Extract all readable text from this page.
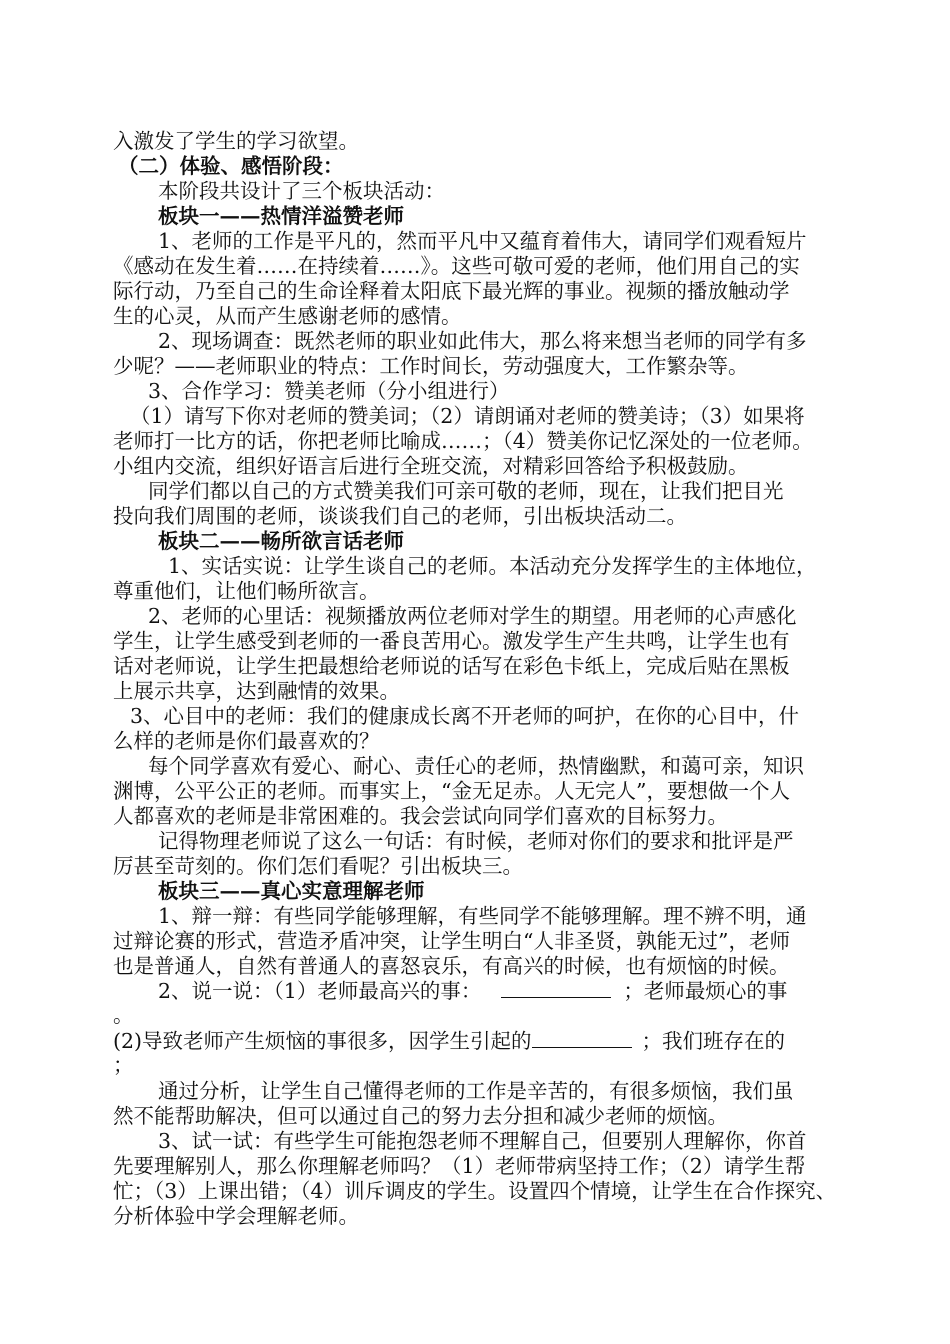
入激发了学生的学习欲望。
（二）体验、感悟阶段：
本阶段共设计了三个板块活动：
板块一——热情洋溢赞老师
1、老师的工作是平凡的，然而平凡中又蕴育着伟大，请同学们观看短片
《感动在发生着……在持续着……》。这些可敬可爱的老师，他们用自己的实
际行动，乃至自己的生命诠释着太阳底下最光辉的事业。视频的播放触动学
生的心灵，从而产生感谢老师的感情。
2、现场调查：既然老师的职业如此伟大，那么将来想当老师的同学有多
少呢？——老师职业的特点：工作时间长，劳动强度大，工作繁杂等。
3、合作学习：赞美老师（分小组进行）
（1）请写下你对老师的赞美词；（2）请朗诵对老师的赞美诗；（3）如果将
老师打一比方的话，你把老师比喻成……；（4）赞美你记忆深处的一位老师。
小组内交流，组织好语言后进行全班交流，对精彩回答给予积极鼓励。
同学们都以自己的方式赞美我们可亲可敬的老师，现在，让我们把目光
投向我们周围的老师，谈谈我们自己的老师，引出板块活动二。
板块二——畅所欲言话老师
1、实话实说：让学生谈自己的老师。本活动充分发挥学生的主体地位，
尊重他们，让他们畅所欲言。
2、老师的心里话：视频播放两位老师对学生的期望。用老师的心声感化
学生，让学生感受到老师的一番良苦用心。激发学生产生共鸣，让学生也有
话对老师说，让学生把最想给老师说的话写在彩色卡纸上，完成后贴在黑板
上展示共享，达到融情的效果。
3、心目中的老师：我们的健康成长离不开老师的呵护，在你的心目中，什
么样的老师是你们最喜欢的？
每个同学喜欢有爱心、耐心、责任心的老师，热情幽默，和蔼可亲，知识
渊博，公平公正的老师。而事实上，“金无足赤。人无完人”，要想做一个人
人都喜欢的老师是非常困难的。我会尝试向同学们喜欢的目标努力。
记得物理老师说了这么一句话：有时候，老师对你们的要求和批评是严
厉甚至苛刻的。你们怎们看呢？引出板块三。
板块三——真心实意理解老师
1、辩一辩：有些同学能够理解，有些同学不能够理解。理不辨不明，通
过辩论赛的形式，营造矛盾冲突，让学生明白“人非圣贤，孰能无过”，老师
也是普通人，自然有普通人的喜怒哀乐，有高兴的时候，也有烦恼的时候。
2、说一说：（1）老师最高兴的事：	；老师最烦心的事
。
(2)导致老师产生烦恼的事很多，因学生引起的	；我们班存在的
；
通过分析，让学生自己懂得老师的工作是辛苦的，有很多烦恼，我们虽
然不能帮助解决，但可以通过自己的努力去分担和减少老师的烦恼。
3、试一试：有些学生可能抱怨老师不理解自己，但要别人理解你，你首
先要理解别人，那么你理解老师吗？（1）老师带病坚持工作；（2）请学生帮
忙；（3）上课出错；（4）训斥调皮的学生。设置四个情境，让学生在合作探究、
分析体验中学会理解老师。
